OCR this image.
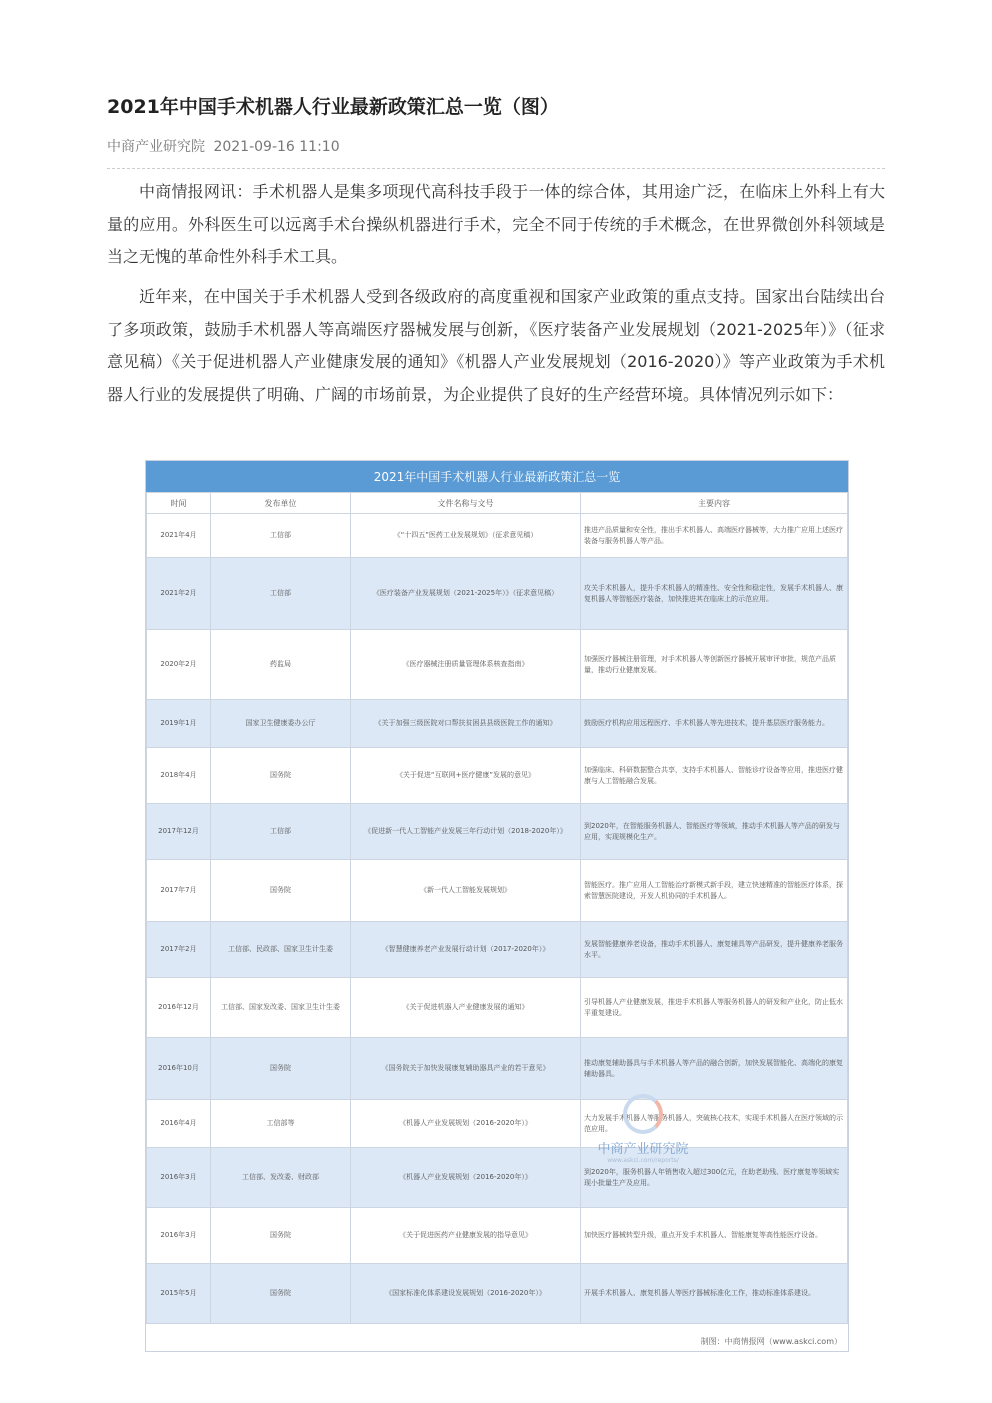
2021年中国手术机器人行业最新政策汇总一览（图）
中商产业研究院 2021-09-16 11:10

中商情报网讯：手术机器人是集多项现代高科技手段于一体的综合体，其用途广泛，在临床上外科上有大量的应用。外科医生可以远离手术台操纵机器进行手术，完全不同于传统的手术概念，在世界微创外科领域是当之无愧的革命性外科手术工具。

近年来，在中国关于手术机器人受到各级政府的高度重视和国家产业政策的重点支持。国家出台陆续出台了多项政策，鼓励手术机器人等高端医疗器械发展与创新，《医疗装备产业发展规划（2021-2025年）》（征求意见稿）《关于促进机器人产业健康发展的通知》《机器人产业发展规划（2016-2020）》等产业政策为手术机器人行业的发展提供了明确、广阔的市场前景，为企业提供了良好的生产经营环境。具体情况列示如下：

2021年中国手术机器人行业最新政策汇总一览
时间	发布单位	文件名称与文号	主要内容
2021年4月	工信部	《“十四五”医药工业发展规划》（征求意见稿）	推进产品质量和安全性，推出手术机器人、高端医疗器械等，大力推广应用上述医疗装备与服务机器人等产品。
2021年2月	工信部	《医疗装备产业发展规划（2021-2025年）》（征求意见稿）	攻关手术机器人，提升手术机器人的精准性、安全性和稳定性，发展手术机器人、康复机器人等智能医疗装备，加快推进其在临床上的示范应用。
2020年2月	药监局	《医疗器械注册质量管理体系核查指南》	加强医疗器械注册管理，对手术机器人等创新医疗器械开展审评审批，规范产品质量，推动行业健康发展。
2019年1月	国家卫生健康委办公厅	《关于加强三级医院对口帮扶贫困县县级医院工作的通知》	鼓励医疗机构应用远程医疗、手术机器人等先进技术，提升基层医疗服务能力。
2018年4月	国务院	《关于促进“互联网+医疗健康”发展的意见》	加强临床、科研数据整合共享，支持手术机器人、智能诊疗设备等应用，推进医疗健康与人工智能融合发展。
2017年12月	工信部	《促进新一代人工智能产业发展三年行动计划（2018-2020年）》	到2020年，在智能服务机器人、智能医疗等领域，推动手术机器人等产品的研发与应用，实现规模化生产。
2017年7月	国务院	《新一代人工智能发展规划》	智能医疗。推广应用人工智能治疗新模式新手段，建立快速精准的智能医疗体系，探索智慧医院建设，开发人机协同的手术机器人。
2017年2月	工信部、民政部、国家卫生计生委	《智慧健康养老产业发展行动计划（2017-2020年）》	发展智能健康养老设备，推动手术机器人、康复辅具等产品研发，提升健康养老服务水平。
2016年12月	工信部、国家发改委、国家卫生计生委	《关于促进机器人产业健康发展的通知》	引导机器人产业健康发展，推进手术机器人等服务机器人的研发和产业化，防止低水平重复建设。
2016年10月	国务院	《国务院关于加快发展康复辅助器具产业的若干意见》	推动康复辅助器具与手术机器人等产品的融合创新，加快发展智能化、高端化的康复辅助器具。
2016年4月	工信部等	《机器人产业发展规划（2016-2020年）》	大力发展手术机器人等服务机器人，突破核心技术，实现手术机器人在医疗领域的示范应用。
2016年3月	工信部、发改委、财政部	《机器人产业发展规划（2016-2020年）》	到2020年，服务机器人年销售收入超过300亿元，在助老助残、医疗康复等领域实现小批量生产及应用。
2016年3月	国务院	《关于促进医药产业健康发展的指导意见》	加快医疗器械转型升级，重点开发手术机器人、智能康复等高性能医疗设备。
2015年5月	国务院	《国家标准化体系建设发展规划（2016-2020年）》	开展手术机器人、康复机器人等医疗器械标准化工作，推动标准体系建设。
中商产业研究院
www.askci.com/reports/
制图：中商情报网（www.askci.com）
